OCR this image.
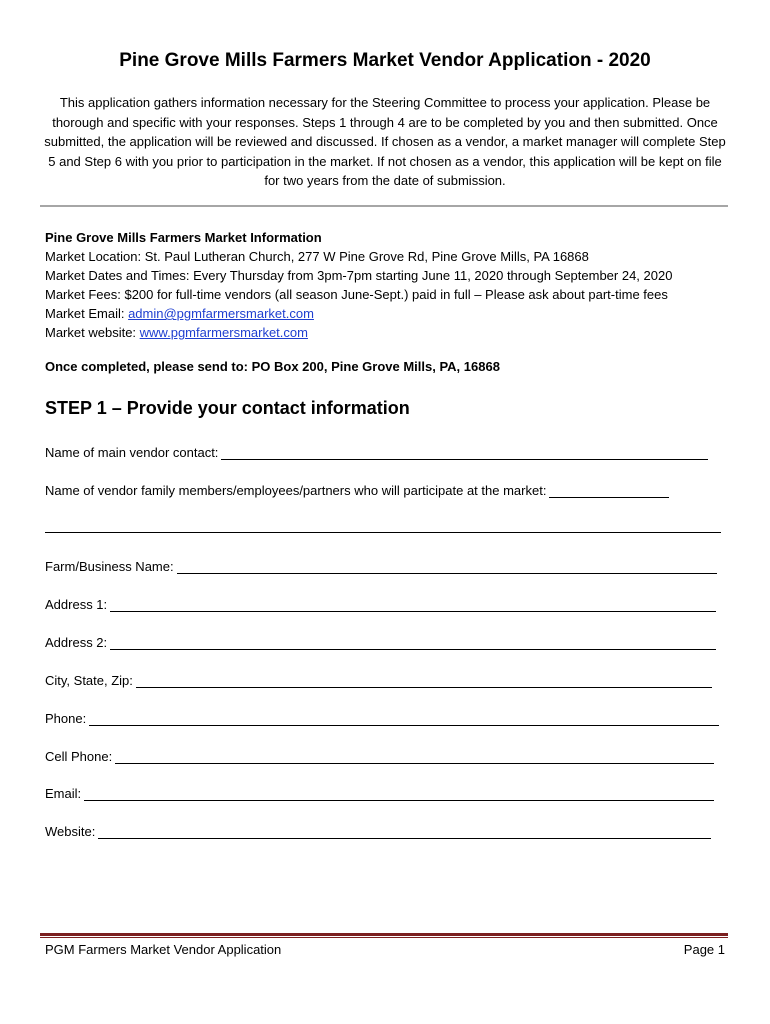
Pine Grove Mills Farmers Market Vendor Application - 2020
This application gathers information necessary for the Steering Committee to process your application. Please be thorough and specific with your responses. Steps 1 through 4 are to be completed by you and then submitted. Once submitted, the application will be reviewed and discussed. If chosen as a vendor, a market manager will complete Step 5 and Step 6 with you prior to participation in the market. If not chosen as a vendor, this application will be kept on file for two years from the date of submission.
Pine Grove Mills Farmers Market Information
Market Location: St. Paul Lutheran Church, 277 W Pine Grove Rd, Pine Grove Mills, PA 16868
Market Dates and Times: Every Thursday from 3pm-7pm starting June 11, 2020 through September 24, 2020
Market Fees: $200 for full-time vendors (all season June-Sept.) paid in full – Please ask about part-time fees
Market Email: admin@pgmfarmersmarket.com
Market website: www.pgmfarmersmarket.com
Once completed, please send to: PO Box 200, Pine Grove Mills, PA, 16868
STEP 1 – Provide your contact information
Name of main vendor contact:
Name of vendor family members/employees/partners who will participate at the market:
Farm/Business Name:
Address 1:
Address 2:
City, State, Zip:
Phone:
Cell Phone:
Email:
Website:
PGM Farmers Market Vendor Application	Page 1
